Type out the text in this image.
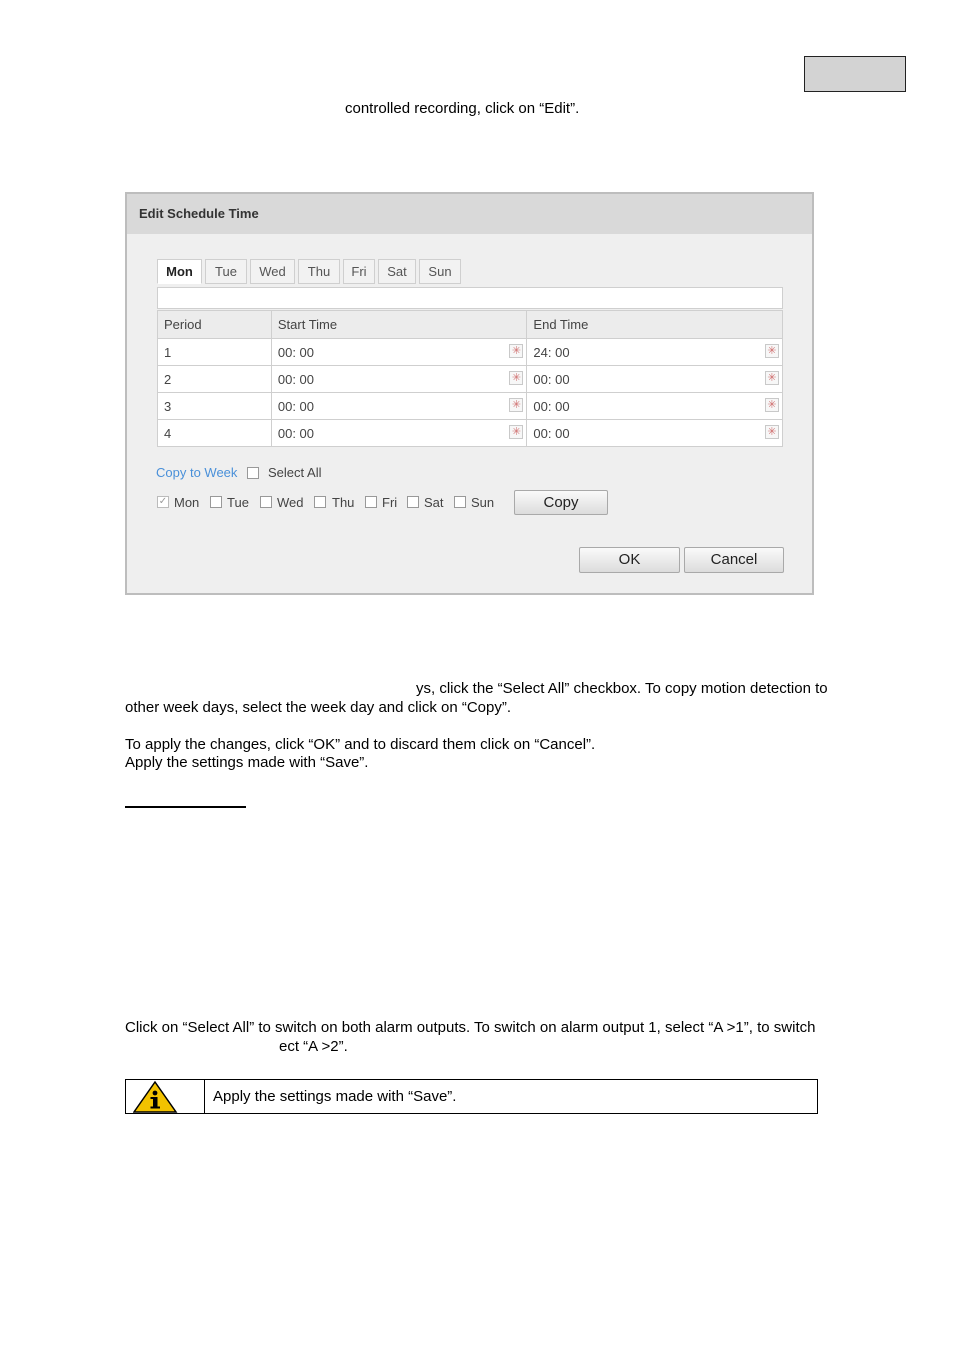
controlled recording, click on “Edit”.
Edit Schedule Time
Mon	Tue	Wed	Thu	Fri	Sat	Sun
Period	Start Time	End Time
1	00: 00 ✳	24: 00 ✳

2	00: 00 ✳	00: 00 ✳

3	00: 00 ✳	00: 00 ✳

4	00: 00 ✳	00: 00 ✳
Copy to Week Select All
✓ Mon Tue Wed Thu Fri Sat Sun	Copy
OK	Cancel
ys, click the “Select All” checkbox. To copy motion detection to
other week days, select the week day and click on “Copy”.
To apply the changes, click “OK” and to discard them click on “Cancel”.
Apply the settings made with “Save”.
Click on “Select All” to switch on both alarm outputs. To switch on alarm output 1, select “A >1”, to switch
ect “A >2”.
Apply the settings made with “Save”.
